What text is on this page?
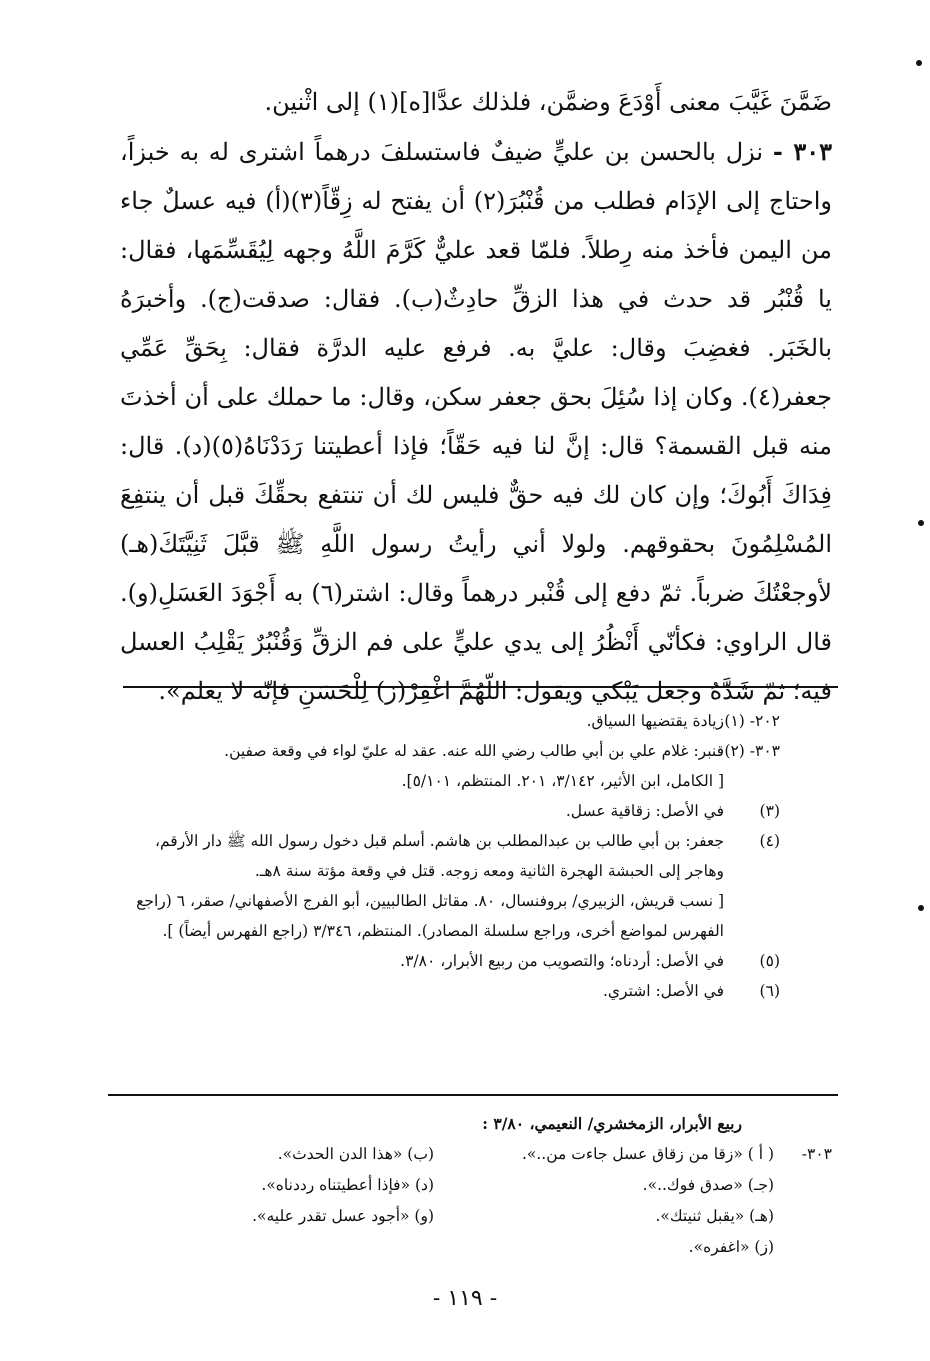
ضَمَّنَ غَيَّبَ معنى أَوْدَعَ وضمَّن، فلذلك عدَّا[ه](١) إلى اثْنين.

٣٠٣ - نزل بالحسن بن عليٍّ ضيفٌ فاستسلفَ درهماً اشترى له به خبزاً، واحتاج إلى الإدَام فطلب من قُنْبُرَ(٢) أن يفتح له زِقّاً(٣)(أ) فيه عسلٌ جاء من اليمن فأخذ منه رِطلاً. فلمّا قعد عليٌّ كَرَّمَ اللَّهُ وجهه لِيُقَسِّمَها، فقال: يا قُنْبُر قد حدث في هذا الزقِّ حادِثٌ(ب). فقال: صدقت(ج). وأخبرَهُ بالخَبَر. فغضِبَ وقال: عليَّ به. فرفع عليه الدرَّة فقال: بِحَقِّ عَمِّي جعفر(٤). وكان إذا سُئِلَ بحق جعفر سكن، وقال: ما حملك على أن أخذتَ منه قبل القسمة؟ قال: إنَّ لنا فيه حَقّاً؛ فإذا أعطيتنا رَدَدْنَاهُ(٥)(د). قال: فِدَاكَ أَبُوكَ؛ وإن كان لك فيه حقٌّ فليس لك أن تنتفع بحقِّكَ قبل أن ينتفِعَ المُسْلِمُونَ بحقوقهم. ولولا أني رأيتُ رسول اللَّهِ ﷺ قبَّلَ ثَنِيَّتَكَ(هـ) لأوجعْتُكَ ضرباً. ثمّ دفع إلى قُنْبر درهماً وقال: اشتر(٦) به أَجْوَدَ العَسَلِ(و). قال الراوي: فكأنّي أَنْظُرُ إلى يدي عليٍّ على فم الزقِّ وَقُنْبُرٌ يَقْلِبُ العسل فيه؛ ثمّ شَدَّهُ وجعل يَبْكي ويقول: اللّهُمَّ اغْفِرْ(ز) لِلْحَسَنِ فإنّه لا يعلم».

٢٠٢- (١)
زيادة يقتضيها السياق.
٣٠٣- (٢)
قنبر: غلام علي بن أبي طالب رضي الله عنه. عقد له عليّ لواء في وقعة صفين.
[ الكامل، ابن الأثير، ٣/١٤٢، ٢٠١. المنتظم، ٥/١٠١].
(٣)
في الأصل: زقاقية عسل.
(٤)
جعفر: بن أبي طالب بن عبدالمطلب بن هاشم. أسلم قبل دخول رسول الله ﷺ دار الأرقم، وهاجر إلى الحبشة الهجرة الثانية ومعه زوجه. قتل في وقعة مؤتة سنة ٨هـ.
[ نسب قريش، الزبيري/ بروفنسال، ٨٠. مقاتل الطالبيين، أبو الفرج الأصفهاني/ صقر، ٦ (راجع الفهرس لمواضع أخرى، وراجع سلسلة المصادر). المنتظم، ٣/٣٤٦ (راجع الفهرس أيضاً) ].
(٥)
في الأصل: أردناه؛ والتصويب من ربيع الأبرار، ٣/٨٠.
(٦)
في الأصل: اشتري.
ربيع الأبرار، الزمخشري/ النعيمي، ٣/٨٠ :
٣٠٣-
( أ ) «زقا من زقاق عسل جاءت من..».
(ب) «هذا الدن الحدث».
(جـ) «صدق فوك..».
(د) «فإذا أعطيتناه رددناه».
(هـ) «يقبل ثنيتك».
(و) «أجود عسل تقدر عليه».
(ز) «اغفره».
- ١١٩ -
